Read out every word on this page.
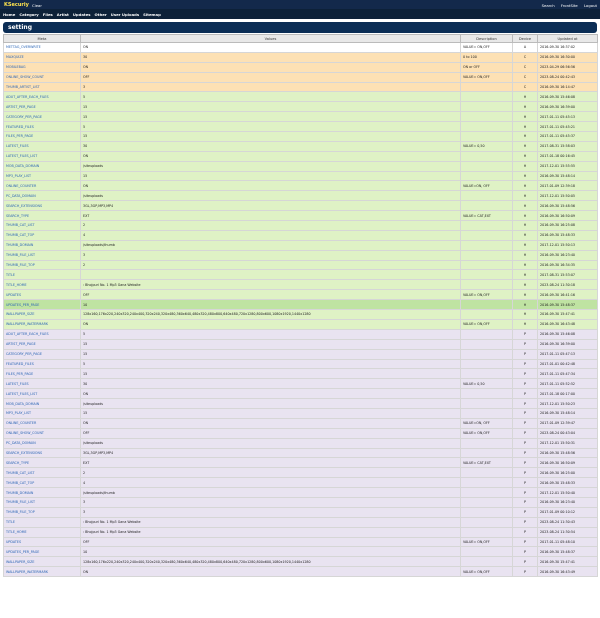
KSecuriy Clear	Search FrontSite Logout
Home Category Files Artist Updates Other User Uploads Sitemap
setting
Meta	Values	Description	Device	Updated at
METTAG_OVERWRITE	ON	VALUE= ON,OFF	A	2016-09-30 16:37:02
MAXQUIZE	30	0 to 100	C	2016-09-30 16:30:00
MOBILEBAG	ON	ON or OFF	C	2023-04-29 06:56:56
ONLINE_SHOW_COUNT	OFF	VALUE= ON,OFF	C	2023-08-24 00:42:43
THUMB_ARTIST_LIST	3		C	2016-09-30 16:14:47
ADUT_AFTER_EACH_FILES	5		H	2016-09-30 15:46:08
ARTIST_PER_PAGE	15		H	2016-09-30 16:39:00
CATEGORY_PER_PAGE	15		H	2017-01-11 05:45:13
FEATURED_FILES	5		H	2017-01-11 05:45:21
FILES_PER_PAGE	15		H	2017-01-11 05:45:37
LATEST_FILES	30	VALUE= 0,50	H	2017-08-31 15:58:03
LATEST_FILES_LIST	ON		H	2017-01-18 00:16:45
MOB_DATA_DOMAIN	/siteuploads		H	2017-12-01 15:55:55
MP3_PLAY_LIST	15		H	2016-09-30 15:48:14
ONLINE_COUNTER	ON	VALUE=ON, OFF	H	2017-01-09 12:39:18
PC_DATA_DOMAIN	/siteuploads		H	2017-12-01 15:50:05
SEARCH_EXTENSIONS	3GL,3GP,MP3,MP4		H	2016-09-30 15:48:56
SEARCH_TYPE	EXT	VALUE= CAT,EXT	H	2016-09-30 16:50:09
THUMB_CAT_LIST	2		H	2016-09-30 16:25:08
THUMB_CAT_TOP	4		H	2016-09-30 15:48:33
THUMB_DOMAIN	/siteuploads/thumb		H	2017-12-01 15:50:13
THUMB_FILE_LIST	3		H	2016-09-30 16:23:40
THUMB_FILE_TOP	2		H	2016-09-30 16:34:35
TITLE			H	2017-08-31 15:53:07
TITLE_HOME	: Bhojpuri No. 1 Mp3 Gana Website		H	2023-08-24 11:30:18
UPDATES	OFF	VALUE= ON,OFF	H	2016-09-30 16:41:16
UPDATES_PER_PAGE	10		H	2016-09-30 15:48:37
WALLPAPER_SIZE	128x160,176x220,240x320,240x400,320x240,320x480,360x640,480x320,480x800,640x480,720x1280,800x600,1080x1920,1440x1280		H	2016-09-30 15:47:41
WALLPAPER_WATERMARK	ON	VALUE= ON,OFF	H	2016-09-30 16:43:48
ADUT_AFTER_EACH_FILES	5		P	2016-09-30 15:46:08
ARTIST_PER_PAGE	15		P	2016-09-30 16:39:00
CATEGORY_PER_PAGE	15		P	2017-01-11 05:47:13
FEATURED_FILES	5		P	2017-01-01 00:42:48
FILES_PER_PAGE	15		P	2017-01-11 05:47:34
LATEST_FILES	30	VALUE= 0,50	P	2017-01-11 05:52:52
LATEST_FILES_LIST	ON		P	2017-01-18 00:17:00
MOB_DATA_DOMAIN	/siteuploads		P	2017-12-01 15:50:23
MP3_PLAY_LIST	15		P	2016-09-30 15:48:14
ONLINE_COUNTER	ON	VALUE=ON, OFF	P	2017-01-09 12:39:47
ONLINE_SHOW_COUNT	OFF	VALUE= ON,OFF	P	2023-08-24 00:43:04
PC_DATA_DOMAIN	/siteuploads		P	2017-12-01 15:50:31
SEARCH_EXTENSIONS	3GL,3GP,MP3,MP4		P	2016-09-30 15:48:56
SEARCH_TYPE	EXT	VALUE= CAT,EXT	P	2016-09-30 16:50:09
THUMB_CAT_LIST	2		P	2016-09-30 16:25:00
THUMB_CAT_TOP	4		P	2016-09-30 15:48:33
THUMB_DOMAIN	/siteuploads/thumb		P	2017-12-01 15:50:40
THUMB_FILE_LIST	3		P	2016-09-30 16:23:40
THUMB_FILE_TOP	3		P	2017-01-09 00:10:12
TITLE	: Bhojpuri No. 1 Mp3 Gana Website		P	2023-08-24 11:30:43
TITLE_HOME	: Bhojpuri No. 1 Mp3 Gana Website		P	2023-08-24 11:30:54
UPDATES	OFF	VALUE= ON,OFF	P	2017-01-11 05:48:10
UPDATES_PER_PAGE	10		P	2016-09-30 15:48:37
WALLPAPER_SIZE	128x160,176x220,240x320,240x400,320x240,320x480,360x640,480x320,480x800,640x480,720x1280,800x600,1080x1920,1440x1280		P	2016-09-30 15:47:41
WALLPAPER_WATERMARK	ON	VALUE= ON,OFF	P	2016-09-30 16:43:49
